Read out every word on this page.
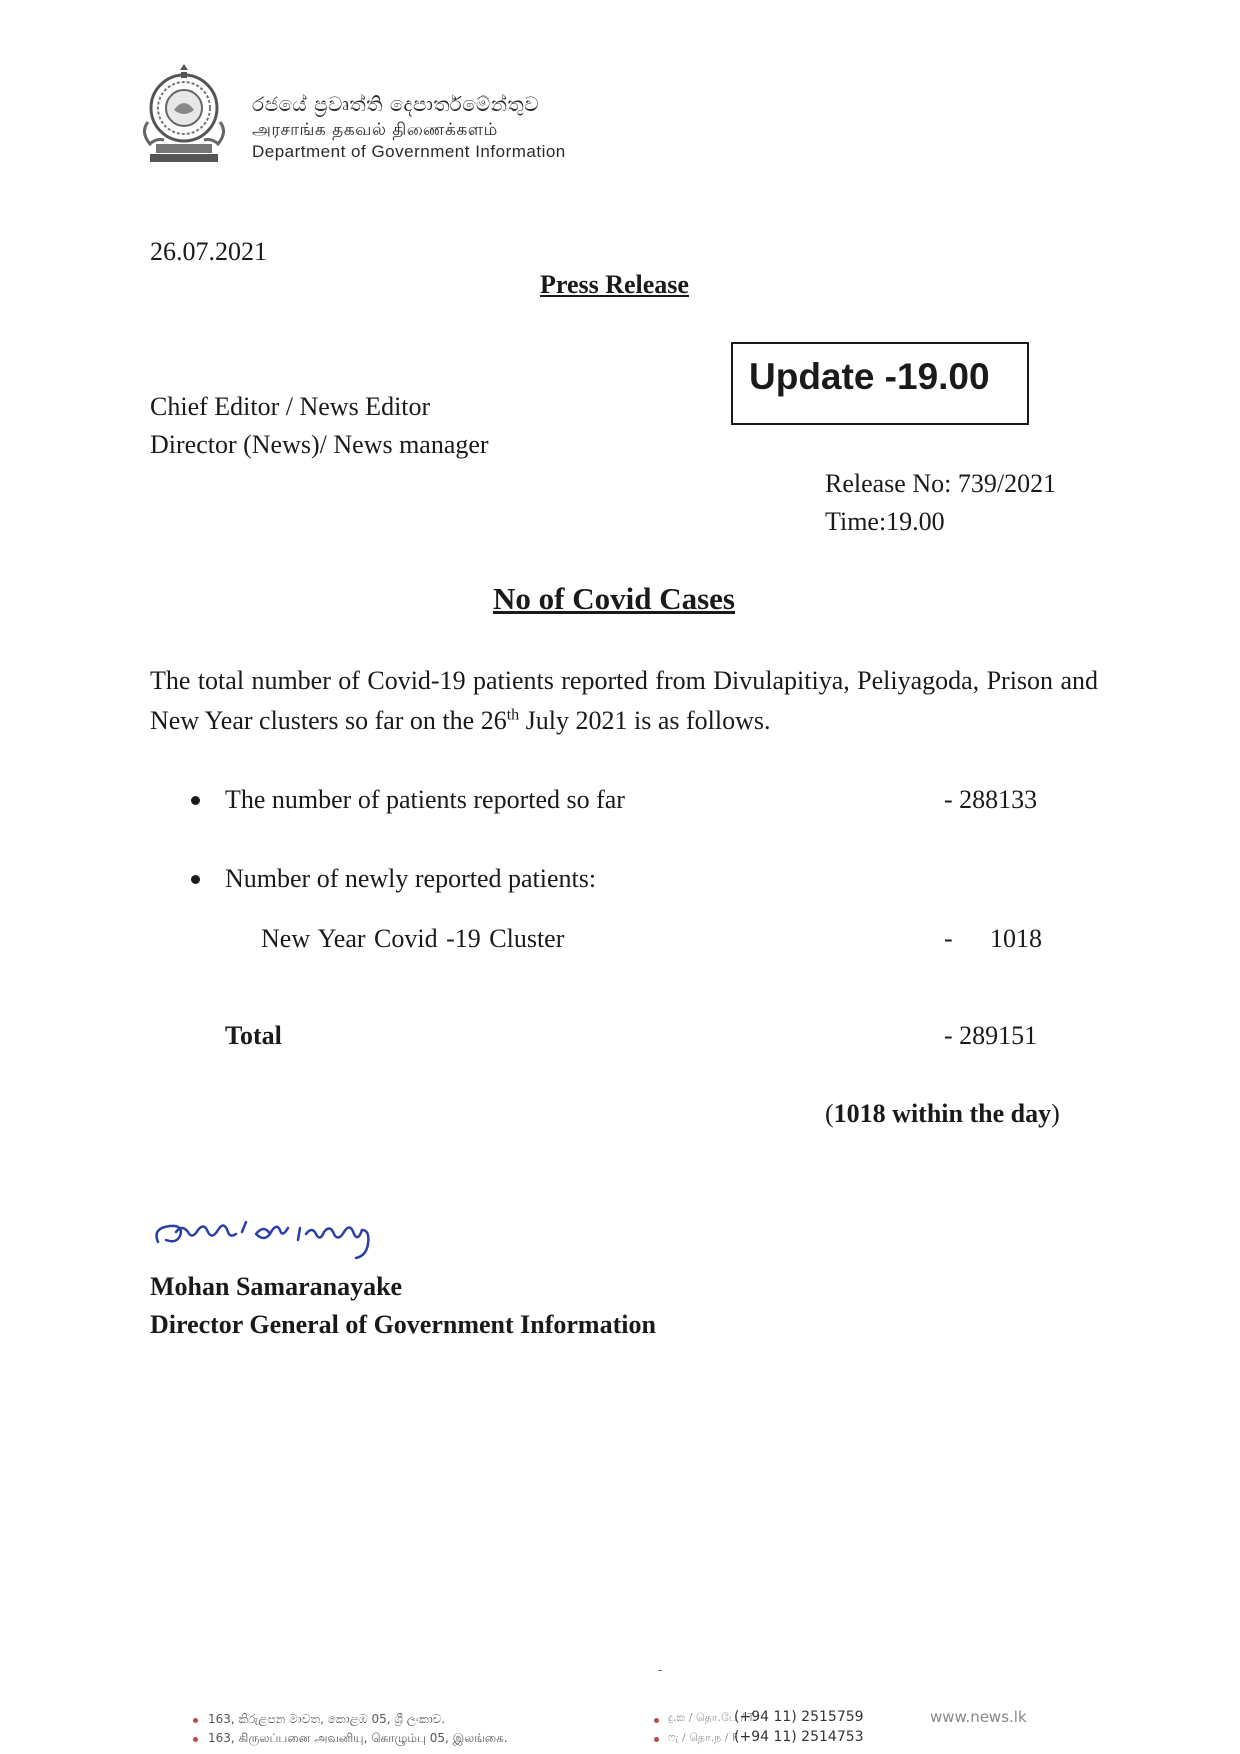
රජයේ ප්‍රවෘත්ති දෙපාර්තමේන්තුව
அரசாங்க தகவல் திணைக்களம்
Department of Government Information
26.07.2021
Press Release
Update -19.00
Chief Editor / News Editor
Director (News)/ News manager
Release No: 739/2021
Time:19.00
No of Covid Cases
The total number of Covid-19 patients reported from Divulapitiya, Peliyagoda, Prison and New Year clusters so far on the 26th July 2021 is as follows.
The number of patients reported so far	- 288133
Number of newly reported patients:
New Year Covid -19 Cluster	- 1018
Total	- 289151
(1018 within the day)
Mohan Samaranayake
Director General of Government Information
-
163, කිරුළපන මාවත, කොළඹ 05, ශ්‍රී ලංකාව.
163, கிருலப்பனை அவனியு, கொழும்பு 05, இலங்கை.
දු.ක / தொ.பே / T
ෆැ / தொ.ந / F
(+94 11) 2515759
(+94 11) 2514753
www.news.lk
